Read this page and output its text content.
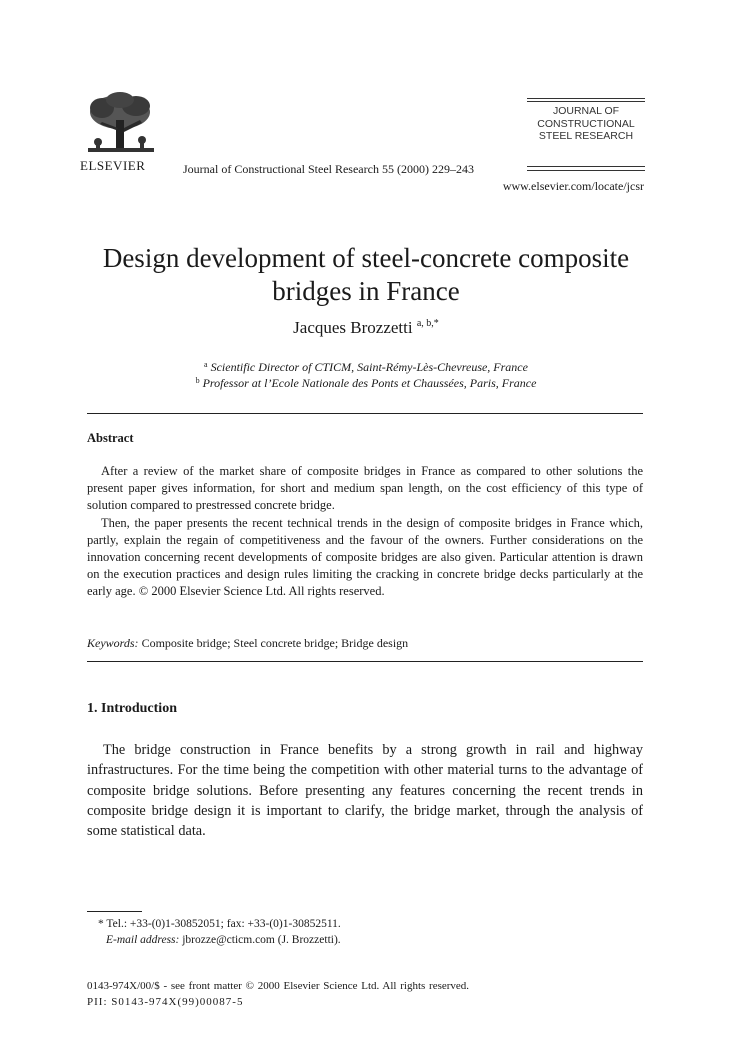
ELSEVIER	Journal of Constructional Steel Research 55 (2000) 229–243
JOURNAL OF
CONSTRUCTIONAL
STEEL RESEARCH
www.elsevier.com/locate/jcsr
Design development of steel-concrete composite bridges in France
Jacques Brozzetti $^{a, b,*}$
$^a$ Scientific Director of CTICM, Saint-Rémy-Lès-Chevreuse, France
$^b$ Professor at l’Ecole Nationale des Ponts et Chaussées, Paris, France
Abstract

After a review of the market share of composite bridges in France as compared to other solutions the present paper gives information, for short and medium span length, on the cost efficiency of this type of solution compared to prestressed concrete bridge.

Then, the paper presents the recent technical trends in the design of composite bridges in France which, partly, explain the regain of competitiveness and the favour of the owners. Further considerations on the innovation concerning recent developments of composite bridges are also given. Particular attention is drawn on the execution practices and design rules limiting the cracking in concrete bridge decks particularly at the early age. © 2000 Elsevier Science Ltd. All rights reserved.

Keywords: Composite bridge; Steel concrete bridge; Bridge design
1. Introduction

The bridge construction in France benefits by a strong growth in rail and highway infrastructures. For the time being the competition with other material turns to the advantage of composite bridge solutions. Before presenting any features concerning the recent trends in composite bridge design it is important to clarify, the bridge market, through the analysis of some statistical data.

* Tel.: +33-(0)1-30852051; fax: +33-(0)1-30852511.
E-mail address: jbrozze@cticm.com (J. Brozzetti).
0143-974X/00/$ - see front matter © 2000 Elsevier Science Ltd. All rights reserved.
PII: S0143-974X(99)00087-5
